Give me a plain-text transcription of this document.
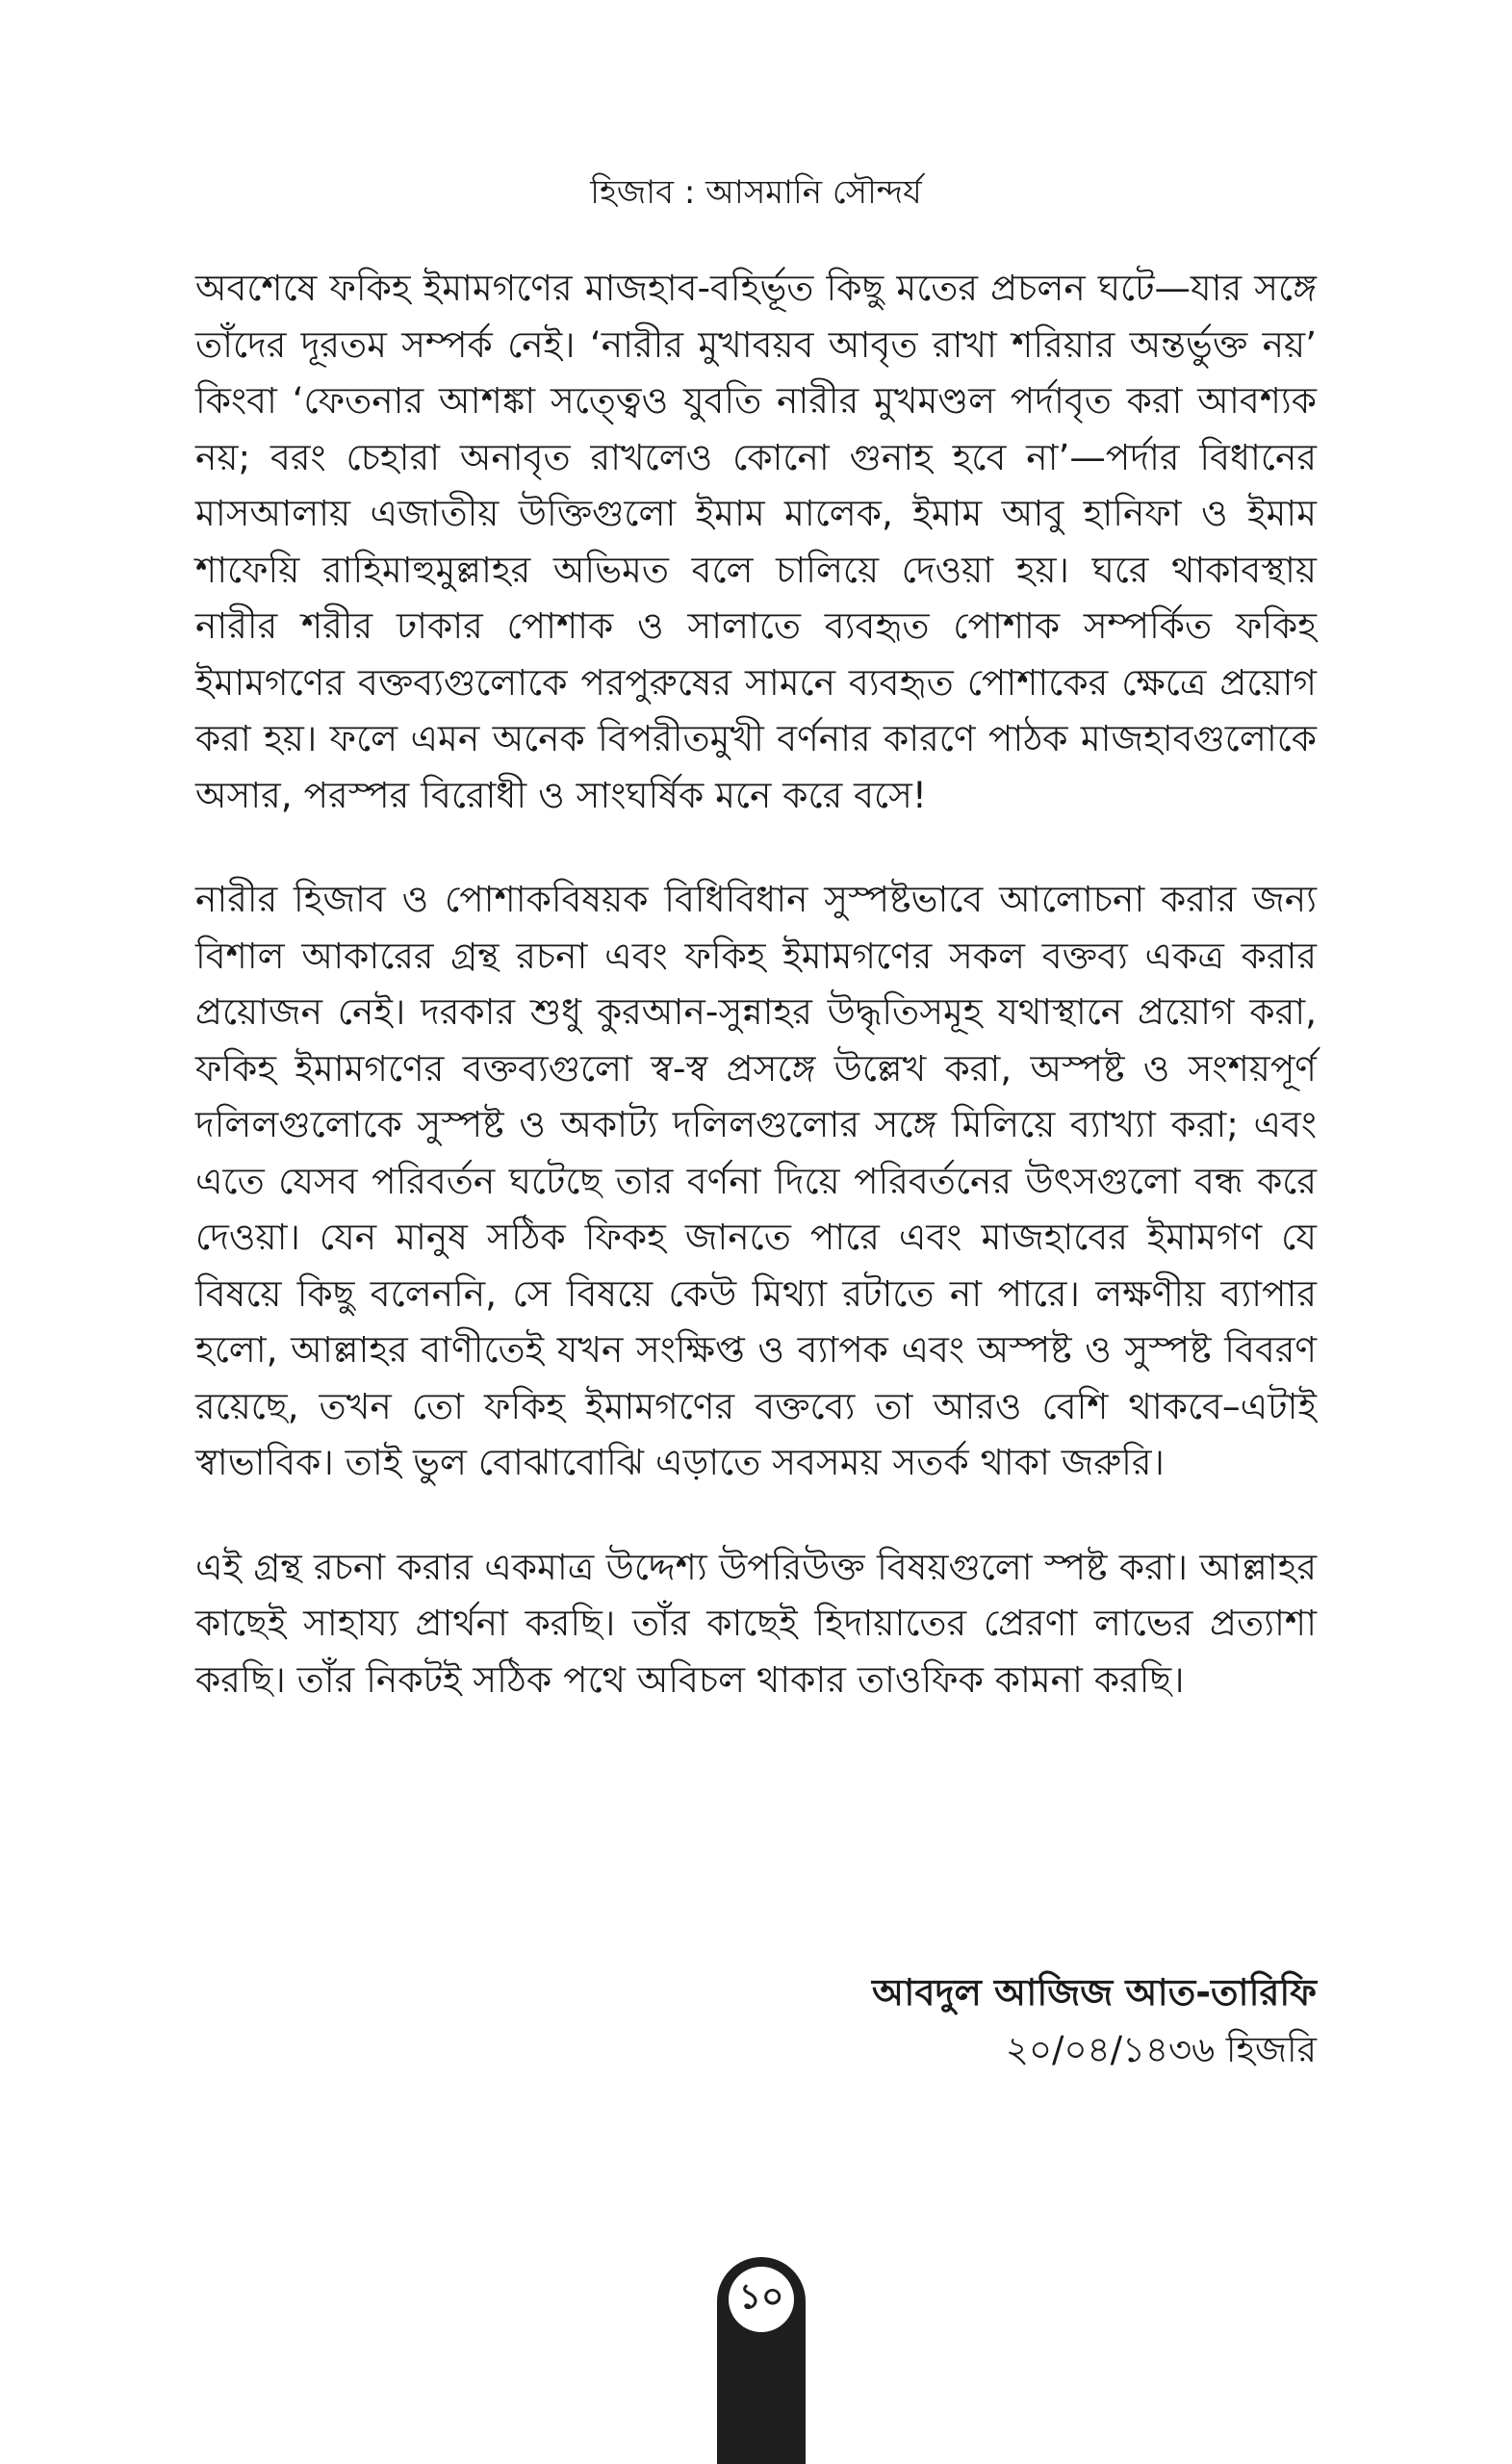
হিজাব : আসমানি সৌন্দর্য

অবশেষে ফকিহ ইমামগণের মাজহাব-বহির্ভূত কিছু মতের প্রচলন ঘটে—যার সঙ্গে তাঁদের দূরতম সম্পর্ক নেই। ‘নারীর মুখাবয়ব আবৃত রাখা শরিয়ার অন্তর্ভুক্ত নয়’ কিংবা ‘ফেতনার আশঙ্কা সত্ত্বেও যুবতি নারীর মুখমণ্ডল পর্দাবৃত করা আবশ্যক নয়; বরং চেহারা অনাবৃত রাখলেও কোনো গুনাহ হবে না’—পর্দার বিধানের মাসআলায় এজাতীয় উক্তিগুলো ইমাম মালেক, ইমাম আবু হানিফা ও ইমাম শাফেয়ি রাহিমাহুমুল্লাহর অভিমত বলে চালিয়ে দেওয়া হয়। ঘরে থাকাবস্থায় নারীর শরীর ঢাকার পোশাক ও সালাতে ব্যবহৃত পোশাক সম্পর্কিত ফকিহ ইমামগণের বক্তব্যগুলোকে পরপুরুষের সামনে ব্যবহৃত পোশাকের ক্ষেত্রে প্রয়োগ করা হয়। ফলে এমন অনেক বিপরীতমুখী বর্ণনার কারণে পাঠক মাজহাবগুলোকে অসার, পরস্পর বিরোধী ও সাংঘর্ষিক মনে করে বসে!

নারীর হিজাব ও পোশাকবিষয়ক বিধিবিধান সুস্পষ্টভাবে আলোচনা করার জন্য বিশাল আকারের গ্রন্থ রচনা এবং ফকিহ ইমামগণের সকল বক্তব্য একত্র করার প্রয়োজন নেই। দরকার শুধু কুরআন-সুন্নাহর উদ্ধৃতিসমূহ যথাস্থানে প্রয়োগ করা, ফকিহ ইমামগণের বক্তব্যগুলো স্ব-স্ব প্রসঙ্গে উল্লেখ করা, অস্পষ্ট ও সংশয়পূর্ণ দলিলগুলোকে সুস্পষ্ট ও অকাট্য দলিলগুলোর সঙ্গে মিলিয়ে ব্যাখ্যা করা; এবং এতে যেসব পরিবর্তন ঘটেছে তার বর্ণনা দিয়ে পরিবর্তনের উৎসগুলো বন্ধ করে দেওয়া। যেন মানুষ সঠিক ফিকহ জানতে পারে এবং মাজহাবের ইমামগণ যে বিষয়ে কিছু বলেননি, সে বিষয়ে কেউ মিথ্যা রটাতে না পারে। লক্ষণীয় ব্যাপার হলো, আল্লাহর বাণীতেই যখন সংক্ষিপ্ত ও ব্যাপক এবং অস্পষ্ট ও সুস্পষ্ট বিবরণ রয়েছে, তখন তো ফকিহ ইমামগণের বক্তব্যে তা আরও বেশি থাকবে–এটাই স্বাভাবিক। তাই ভুল বোঝাবোঝি এড়াতে সবসময় সতর্ক থাকা জরুরি।

এই গ্রন্থ রচনা করার একমাত্র উদ্দেশ্য উপরিউক্ত বিষয়গুলো স্পষ্ট করা। আল্লাহর কাছেই সাহায্য প্রার্থনা করছি। তাঁর কাছেই হিদায়াতের প্রেরণা লাভের প্রত্যাশা করছি। তাঁর নিকটই সঠিক পথে অবিচল থাকার তাওফিক কামনা করছি।

আবদুল আজিজ আত-তারিফি
২০/০৪/১৪৩৬ হিজরি
১০
